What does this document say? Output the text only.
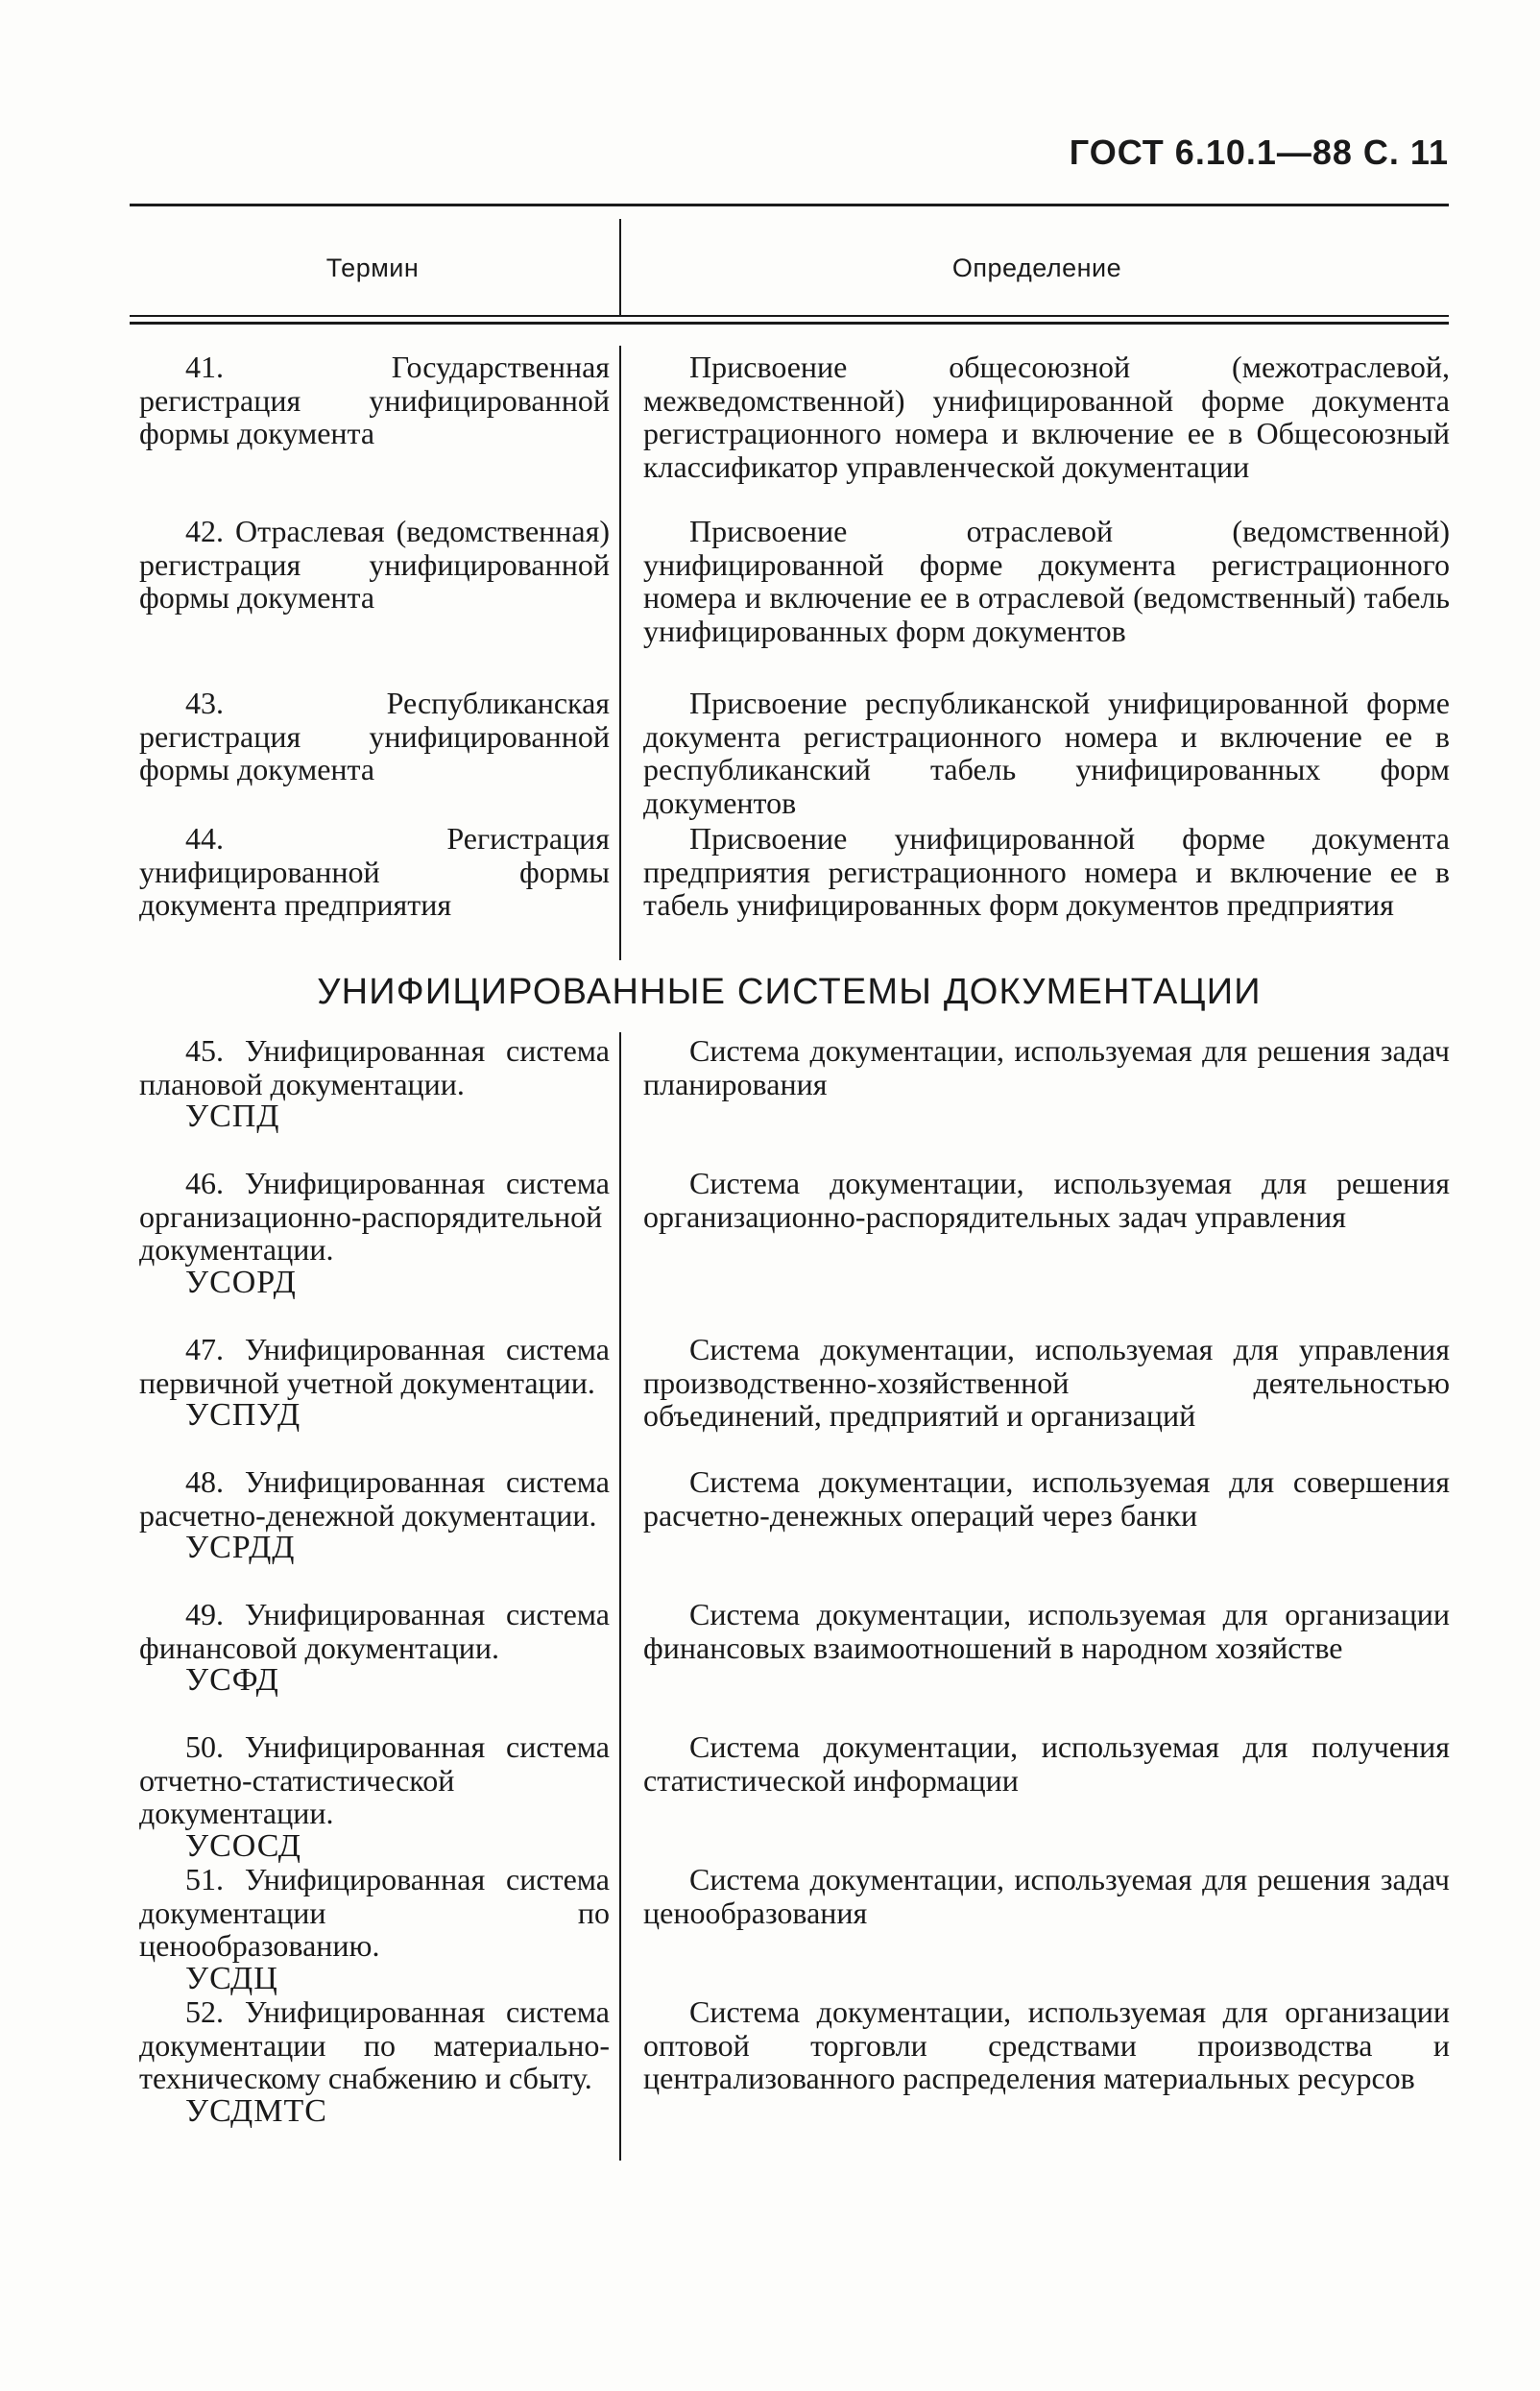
ГОСТ 6.10.1—88 С. 11
Термин	Определение
41. Государственная регистрация унифицированной формы документа
Присвоение общесоюзной (межотраслевой, межведомственной) унифицированной форме документа регистрационного номера и включение ее в Общесоюзный классификатор управленческой документации
42. Отраслевая (ведомственная) регистрация унифицированной формы документа
Присвоение отраслевой (ведомственной) унифицированной форме документа регистрационного номера и включение ее в отраслевой (ведомственный) табель унифицированных форм документов
43. Республиканская регистрация унифицированной формы документа
Присвоение республиканской унифицированной форме документа регистрационного номера и включение ее в республиканский табель унифицированных форм документов
44. Регистрация унифицированной формы документа предприятия
Присвоение унифицированной форме документа предприятия регистрационного номера и включение ее в табель унифицированных форм документов предприятия
УНИФИЦИРОВАННЫЕ СИСТЕМЫ ДОКУМЕНТАЦИИ
45. Унифицированная система плановой документации.
УСПД
Система документации, используемая для решения задач планирования
46. Унифицированная система организационно-распорядительной документации.
УСОРД
Система документации, используемая для решения организационно-распорядительных задач управления
47. Унифицированная система первичной учетной документации.
УСПУД
Система документации, используемая для управления производственно-хозяйственной деятельностью объединений, предприятий и организаций
48. Унифицированная система расчетно-денежной документации.
УСРДД
Система документации, используемая для совершения расчетно-денежных операций через банки
49. Унифицированная система финансовой документации.
УСФД
Система документации, используемая для организации финансовых взаимоотношений в народном хозяйстве
50. Унифицированная система отчетно-статистической документации.
УСОСД
Система документации, используемая для получения статистической информации
51. Унифицированная система документации по ценообразованию.
УСДЦ
Система документации, используемая для решения задач ценообразования
52. Унифицированная система документации по материально-техническому снабжению и сбыту.
УСДМТС
Система документации, используемая для организации оптовой торговли средствами производства и централизованного распределения материальных ресурсов
